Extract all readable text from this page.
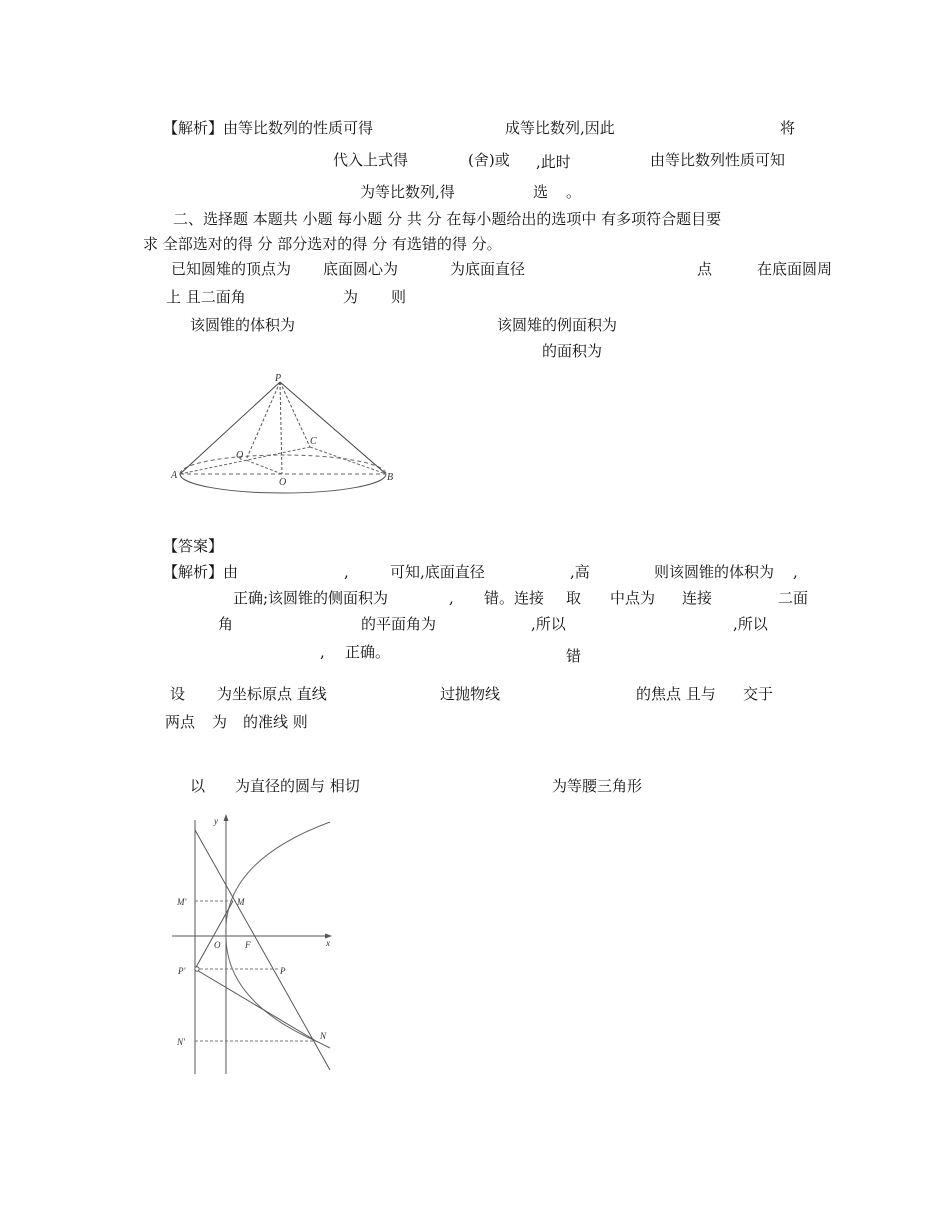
【解析】由等比数列的性质可得	成等比数列,因此	将
代入上式得	(舍)或 ,此时	由等比数列性质可知
为等比数列,得	选 。
二、选择题 本题共 小题 每小题 分 共 分 在每小题给出的选项中 有多项符合题目要
求 全部选对的得 分 部分选对的得 分 有选错的得 分。
已知圆雉的顶点为 底面圆心为	为底面直径	点	在底面圆周
上 且二面角	为 则
该圆锥的体积为	该圆雉的例面积为
的面积为
P
A	B
C
O
Q
【答案】
【解析】由	,	可知,底面直径	,高	则该圆锥的体积为 ,
正确;该圆锥的侧面积为	, 错。连接 取 中点为 连接	二面
角	的平面角为	,所以	,所以
, 正确。	错
设 为坐标原点 直线	过抛物线	的焦点 且与 交于
两点 为 的准线 则
以 为直径的圆与 相切	为等腰三角形
y
x
M'	M
O	F
P'	P
N'
N
